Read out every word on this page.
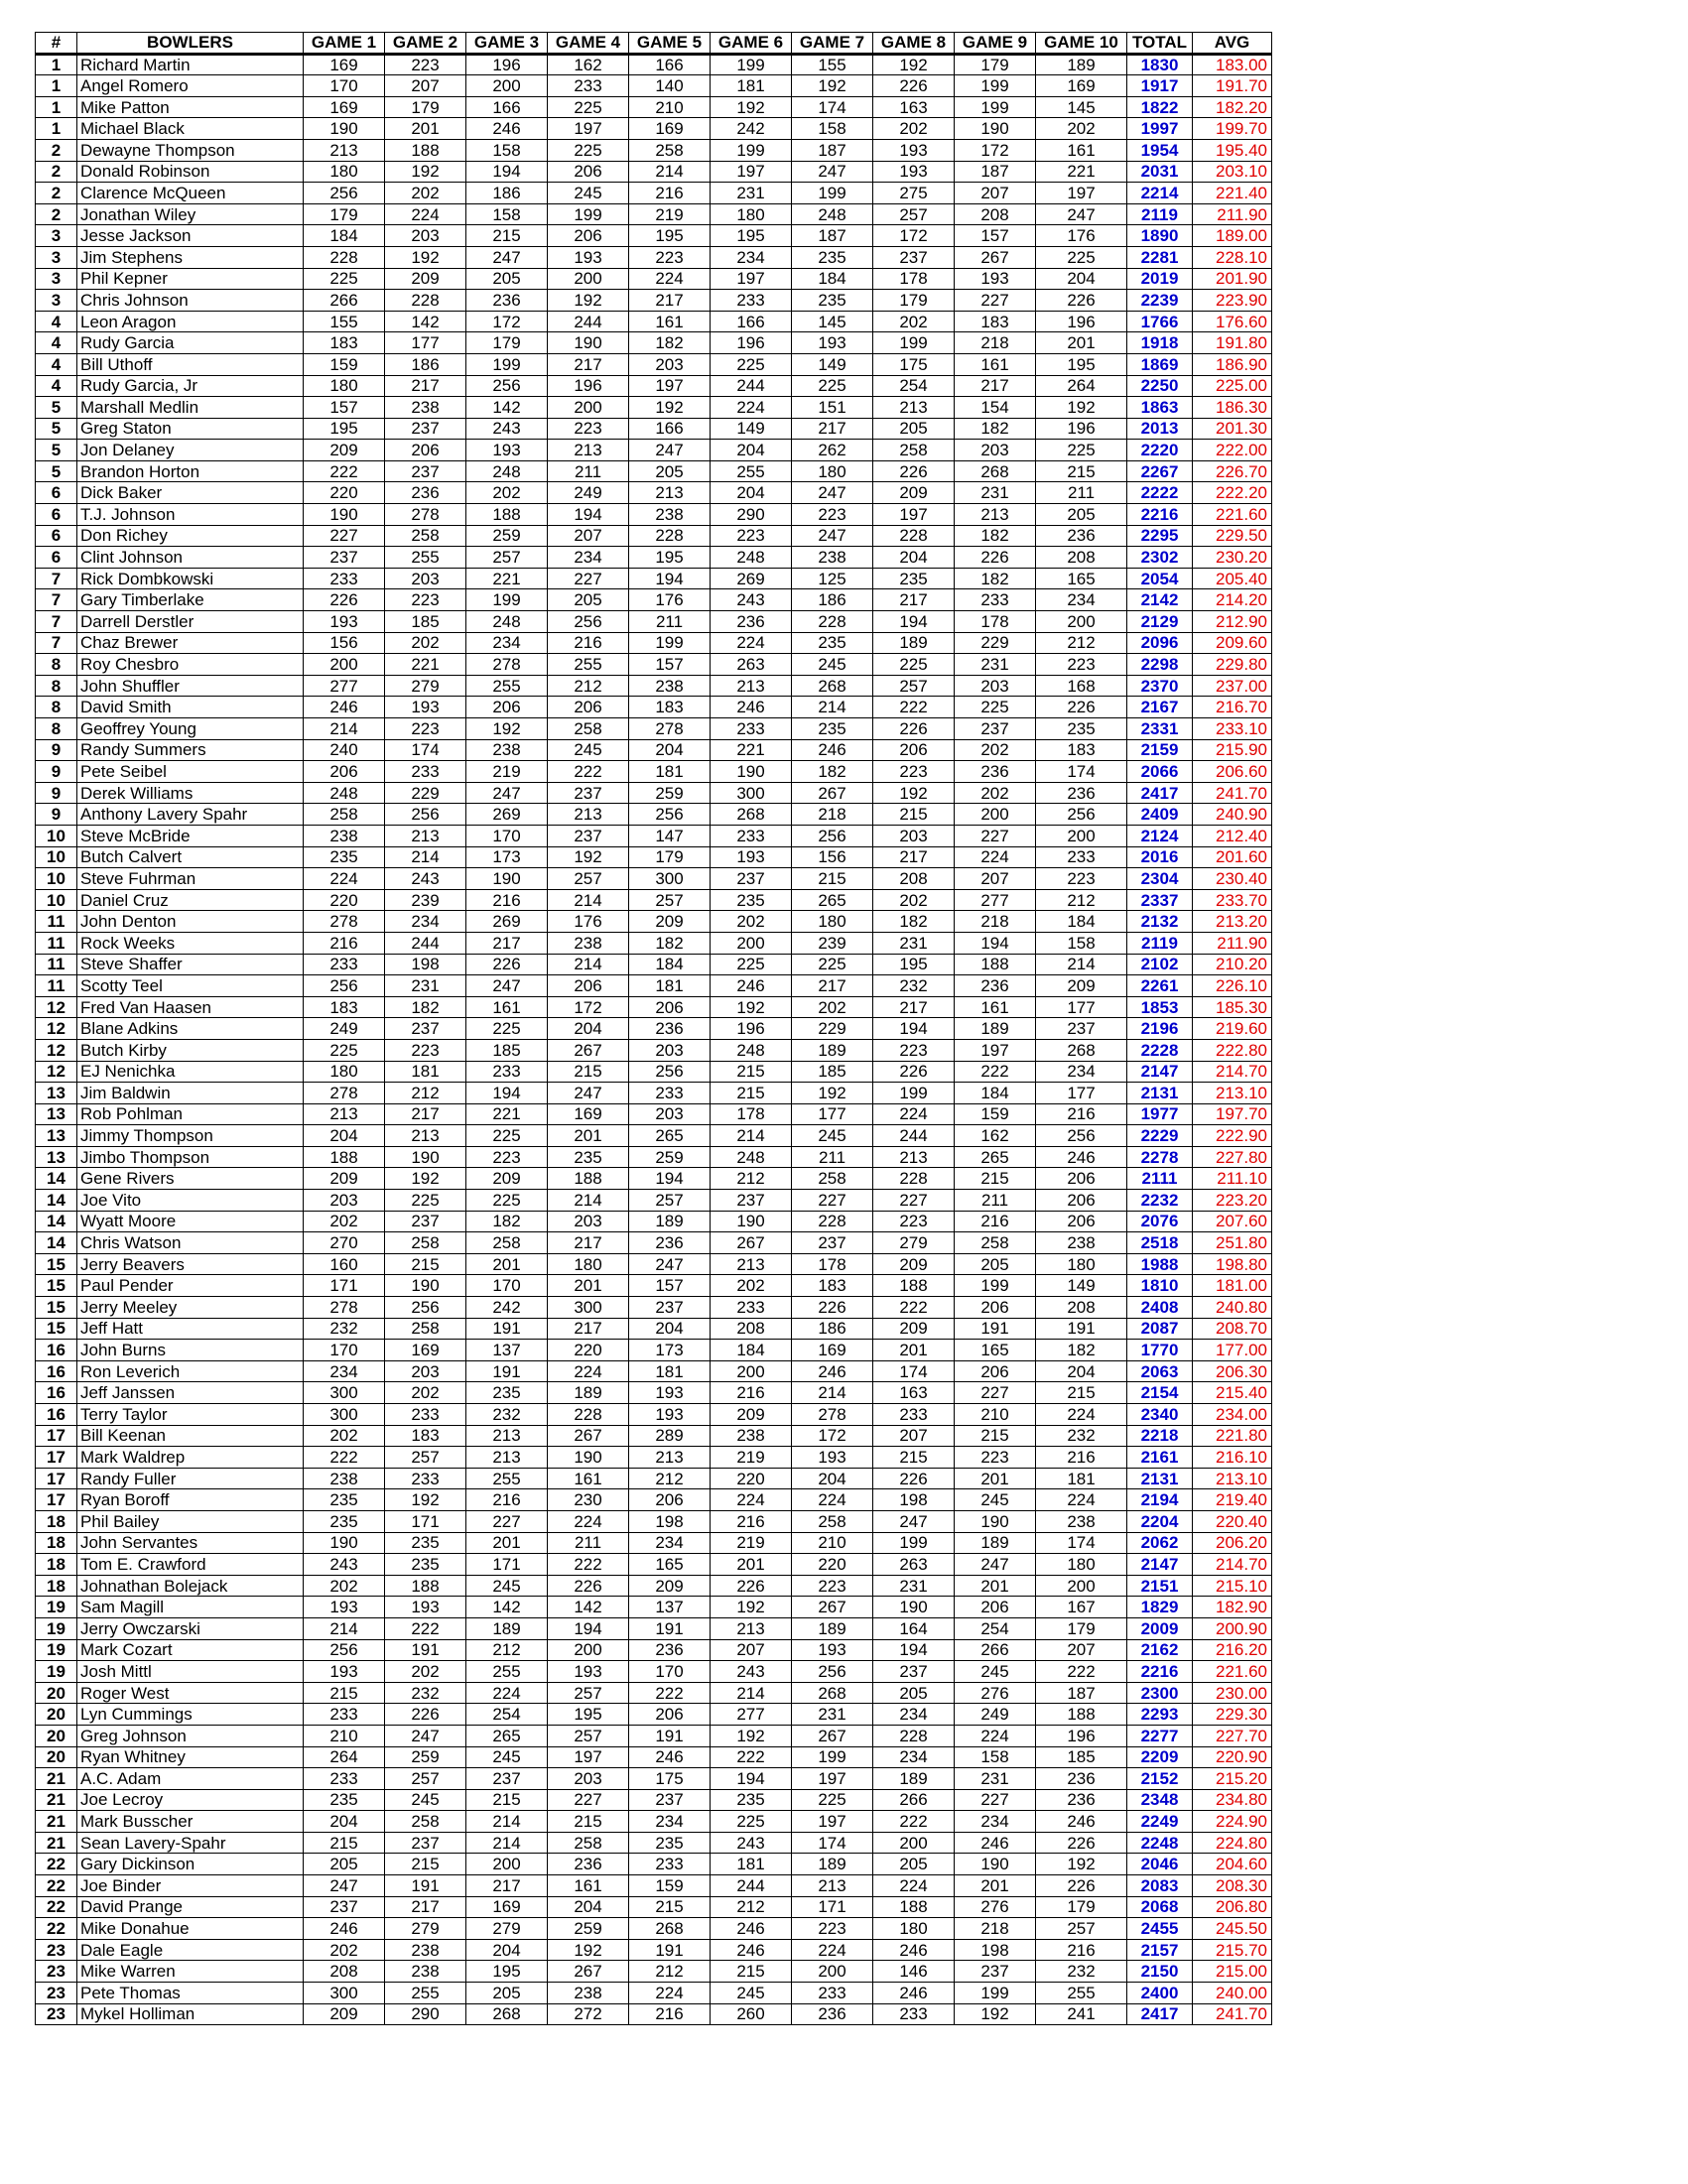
#	BOWLERS	GAME 1	GAME 2	GAME 3	GAME 4	GAME 5	GAME 6	GAME 7	GAME 8	GAME 9	GAME 10	TOTAL	AVG
1	Richard Martin	169	223	196	162	166	199	155	192	179	189	1830	183.00
1	Angel Romero	170	207	200	233	140	181	192	226	199	169	1917	191.70
1	Mike Patton	169	179	166	225	210	192	174	163	199	145	1822	182.20
1	Michael Black	190	201	246	197	169	242	158	202	190	202	1997	199.70
2	Dewayne Thompson	213	188	158	225	258	199	187	193	172	161	1954	195.40
2	Donald Robinson	180	192	194	206	214	197	247	193	187	221	2031	203.10
2	Clarence McQueen	256	202	186	245	216	231	199	275	207	197	2214	221.40
2	Jonathan Wiley	179	224	158	199	219	180	248	257	208	247	2119	211.90
3	Jesse Jackson	184	203	215	206	195	195	187	172	157	176	1890	189.00
3	Jim Stephens	228	192	247	193	223	234	235	237	267	225	2281	228.10
3	Phil Kepner	225	209	205	200	224	197	184	178	193	204	2019	201.90
3	Chris Johnson	266	228	236	192	217	233	235	179	227	226	2239	223.90
4	Leon Aragon	155	142	172	244	161	166	145	202	183	196	1766	176.60
4	Rudy Garcia	183	177	179	190	182	196	193	199	218	201	1918	191.80
4	Bill Uthoff	159	186	199	217	203	225	149	175	161	195	1869	186.90
4	Rudy Garcia, Jr	180	217	256	196	197	244	225	254	217	264	2250	225.00
5	Marshall Medlin	157	238	142	200	192	224	151	213	154	192	1863	186.30
5	Greg Staton	195	237	243	223	166	149	217	205	182	196	2013	201.30
5	Jon Delaney	209	206	193	213	247	204	262	258	203	225	2220	222.00
5	Brandon Horton	222	237	248	211	205	255	180	226	268	215	2267	226.70
6	Dick Baker	220	236	202	249	213	204	247	209	231	211	2222	222.20
6	T.J. Johnson	190	278	188	194	238	290	223	197	213	205	2216	221.60
6	Don Richey	227	258	259	207	228	223	247	228	182	236	2295	229.50
6	Clint Johnson	237	255	257	234	195	248	238	204	226	208	2302	230.20
7	Rick Dombkowski	233	203	221	227	194	269	125	235	182	165	2054	205.40
7	Gary Timberlake	226	223	199	205	176	243	186	217	233	234	2142	214.20
7	Darrell Derstler	193	185	248	256	211	236	228	194	178	200	2129	212.90
7	Chaz Brewer	156	202	234	216	199	224	235	189	229	212	2096	209.60
8	Roy Chesbro	200	221	278	255	157	263	245	225	231	223	2298	229.80
8	John Shuffler	277	279	255	212	238	213	268	257	203	168	2370	237.00
8	David Smith	246	193	206	206	183	246	214	222	225	226	2167	216.70
8	Geoffrey Young	214	223	192	258	278	233	235	226	237	235	2331	233.10
9	Randy Summers	240	174	238	245	204	221	246	206	202	183	2159	215.90
9	Pete Seibel	206	233	219	222	181	190	182	223	236	174	2066	206.60
9	Derek Williams	248	229	247	237	259	300	267	192	202	236	2417	241.70
9	Anthony Lavery Spahr	258	256	269	213	256	268	218	215	200	256	2409	240.90
10	Steve McBride	238	213	170	237	147	233	256	203	227	200	2124	212.40
10	Butch Calvert	235	214	173	192	179	193	156	217	224	233	2016	201.60
10	Steve Fuhrman	224	243	190	257	300	237	215	208	207	223	2304	230.40
10	Daniel Cruz	220	239	216	214	257	235	265	202	277	212	2337	233.70
11	John Denton	278	234	269	176	209	202	180	182	218	184	2132	213.20
11	Rock Weeks	216	244	217	238	182	200	239	231	194	158	2119	211.90
11	Steve Shaffer	233	198	226	214	184	225	225	195	188	214	2102	210.20
11	Scotty Teel	256	231	247	206	181	246	217	232	236	209	2261	226.10
12	Fred Van Haasen	183	182	161	172	206	192	202	217	161	177	1853	185.30
12	Blane Adkins	249	237	225	204	236	196	229	194	189	237	2196	219.60
12	Butch Kirby	225	223	185	267	203	248	189	223	197	268	2228	222.80
12	EJ Nenichka	180	181	233	215	256	215	185	226	222	234	2147	214.70
13	Jim Baldwin	278	212	194	247	233	215	192	199	184	177	2131	213.10
13	Rob Pohlman	213	217	221	169	203	178	177	224	159	216	1977	197.70
13	Jimmy Thompson	204	213	225	201	265	214	245	244	162	256	2229	222.90
13	Jimbo Thompson	188	190	223	235	259	248	211	213	265	246	2278	227.80
14	Gene Rivers	209	192	209	188	194	212	258	228	215	206	2111	211.10
14	Joe Vito	203	225	225	214	257	237	227	227	211	206	2232	223.20
14	Wyatt Moore	202	237	182	203	189	190	228	223	216	206	2076	207.60
14	Chris Watson	270	258	258	217	236	267	237	279	258	238	2518	251.80
15	Jerry Beavers	160	215	201	180	247	213	178	209	205	180	1988	198.80
15	Paul Pender	171	190	170	201	157	202	183	188	199	149	1810	181.00
15	Jerry Meeley	278	256	242	300	237	233	226	222	206	208	2408	240.80
15	Jeff Hatt	232	258	191	217	204	208	186	209	191	191	2087	208.70
16	John Burns	170	169	137	220	173	184	169	201	165	182	1770	177.00
16	Ron Leverich	234	203	191	224	181	200	246	174	206	204	2063	206.30
16	Jeff Janssen	300	202	235	189	193	216	214	163	227	215	2154	215.40
16	Terry Taylor	300	233	232	228	193	209	278	233	210	224	2340	234.00
17	Bill Keenan	202	183	213	267	289	238	172	207	215	232	2218	221.80
17	Mark Waldrep	222	257	213	190	213	219	193	215	223	216	2161	216.10
17	Randy Fuller	238	233	255	161	212	220	204	226	201	181	2131	213.10
17	Ryan Boroff	235	192	216	230	206	224	224	198	245	224	2194	219.40
18	Phil Bailey	235	171	227	224	198	216	258	247	190	238	2204	220.40
18	John Servantes	190	235	201	211	234	219	210	199	189	174	2062	206.20
18	Tom E. Crawford	243	235	171	222	165	201	220	263	247	180	2147	214.70
18	Johnathan Bolejack	202	188	245	226	209	226	223	231	201	200	2151	215.10
19	Sam Magill	193	193	142	142	137	192	267	190	206	167	1829	182.90
19	Jerry Owczarski	214	222	189	194	191	213	189	164	254	179	2009	200.90
19	Mark Cozart	256	191	212	200	236	207	193	194	266	207	2162	216.20
19	Josh Mittl	193	202	255	193	170	243	256	237	245	222	2216	221.60
20	Roger West	215	232	224	257	222	214	268	205	276	187	2300	230.00
20	Lyn Cummings	233	226	254	195	206	277	231	234	249	188	2293	229.30
20	Greg Johnson	210	247	265	257	191	192	267	228	224	196	2277	227.70
20	Ryan Whitney	264	259	245	197	246	222	199	234	158	185	2209	220.90
21	A.C. Adam	233	257	237	203	175	194	197	189	231	236	2152	215.20
21	Joe Lecroy	235	245	215	227	237	235	225	266	227	236	2348	234.80
21	Mark Busscher	204	258	214	215	234	225	197	222	234	246	2249	224.90
21	Sean Lavery-Spahr	215	237	214	258	235	243	174	200	246	226	2248	224.80
22	Gary Dickinson	205	215	200	236	233	181	189	205	190	192	2046	204.60
22	Joe Binder	247	191	217	161	159	244	213	224	201	226	2083	208.30
22	David Prange	237	217	169	204	215	212	171	188	276	179	2068	206.80
22	Mike Donahue	246	279	279	259	268	246	223	180	218	257	2455	245.50
23	Dale Eagle	202	238	204	192	191	246	224	246	198	216	2157	215.70
23	Mike Warren	208	238	195	267	212	215	200	146	237	232	2150	215.00
23	Pete Thomas	300	255	205	238	224	245	233	246	199	255	2400	240.00
23	Mykel Holliman	209	290	268	272	216	260	236	233	192	241	2417	241.70
